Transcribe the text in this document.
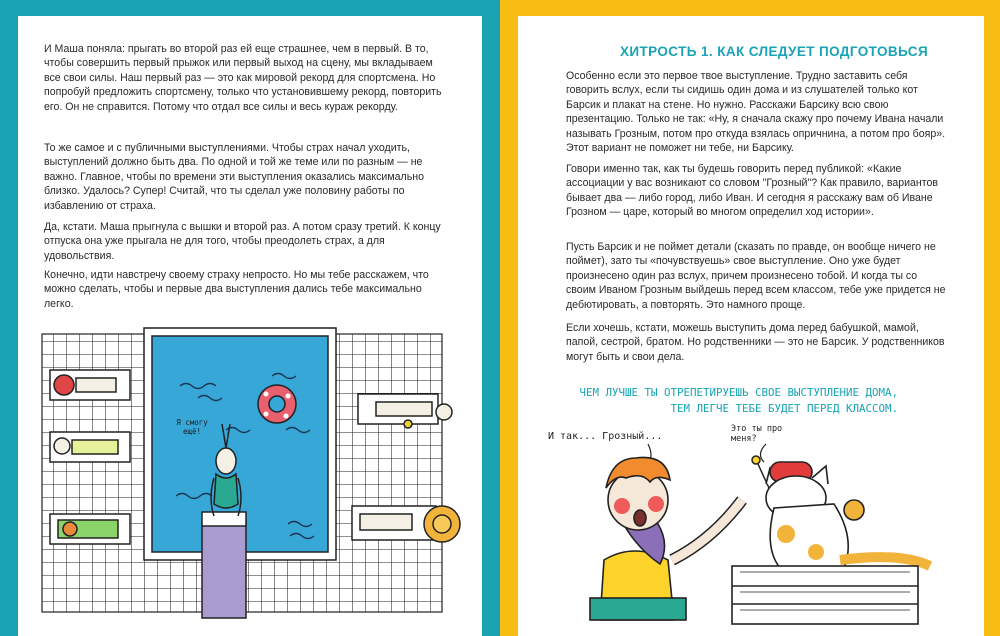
И Маша поняла: прыгать во второй раз ей еще страшнее, чем в первый. В то, чтобы совершить первый прыжок или первый выход на сцену, мы вкладываем все свои силы. Наш первый раз — это как мировой рекорд для спортсмена. Но попробуй предложить спортсмену, только что установившему рекорд, повторить его. Он не справится. Потому что отдал все силы и весь кураж рекорду.

То же самое и с публичными выступлениями. Чтобы страх начал уходить, выступлений должно быть два. По одной и той же теме или по разным — не важно. Главное, чтобы по времени эти выступления оказались максимально близко. Удалось? Супер! Считай, что ты сделал уже половину работы по избавлению от страха.

Да, кстати. Маша прыгнула с вышки и второй раз. А потом сразу третий. К концу отпуска она уже прыгала не для того, чтобы преодолеть страх, а для удовольствия.

Конечно, идти навстречу своему страху непросто. Но мы тебе расскажем, что можно сделать, чтобы и первые два выступления дались тебе максимально легко.

Я смогу ещё!

ХИТРОСТЬ 1. КАК СЛЕДУЕТ ПОДГОТОВЬСЯ

Особенно если это первое твое выступление. Трудно заставить себя говорить вслух, если ты сидишь один дома и из слушателей только кот Барсик и плакат на стене. Но нужно. Расскажи Барсику всю свою презентацию. Только не так: «Ну, я сначала скажу про почему Ивана начали называть Грозным, потом про откуда взялась опричнина, а потом про бояр». Этот вариант не поможет ни тебе, ни Барсику.

Говори именно так, как ты будешь говорить перед публикой: «Какие ассоциации у вас возникают со словом "Грозный"? Как правило, вариантов бывает два — либо город, либо Иван. И сегодня я расскажу вам об Иване Грозном — царе, который во многом определил ход истории».

Пусть Барсик и не поймет детали (сказать по правде, он вообще ничего не поймет), зато ты «почувствуешь» свое выступление. Оно уже будет произнесено один раз вслух, причем произнесено тобой. И когда ты со своим Иваном Грозным выйдешь перед всем классом, тебе уже придется не дебютировать, а повторять. Это намного проще.

Если хочешь, кстати, можешь выступить дома перед бабушкой, мамой, папой, сестрой, братом. Но родственники — это не Барсик. У родственников могут быть и свои дела.

ЧЕМ ЛУЧШЕ ТЫ ОТРЕПЕТИРУЕШЬ СВОЕ ВЫСТУПЛЕНИЕ ДОМА,
ТЕМ ЛЕГЧЕ ТЕБЕ БУДЕТ ПЕРЕД КЛАССОМ.

И так... Грозный...

Это ты про меня?
